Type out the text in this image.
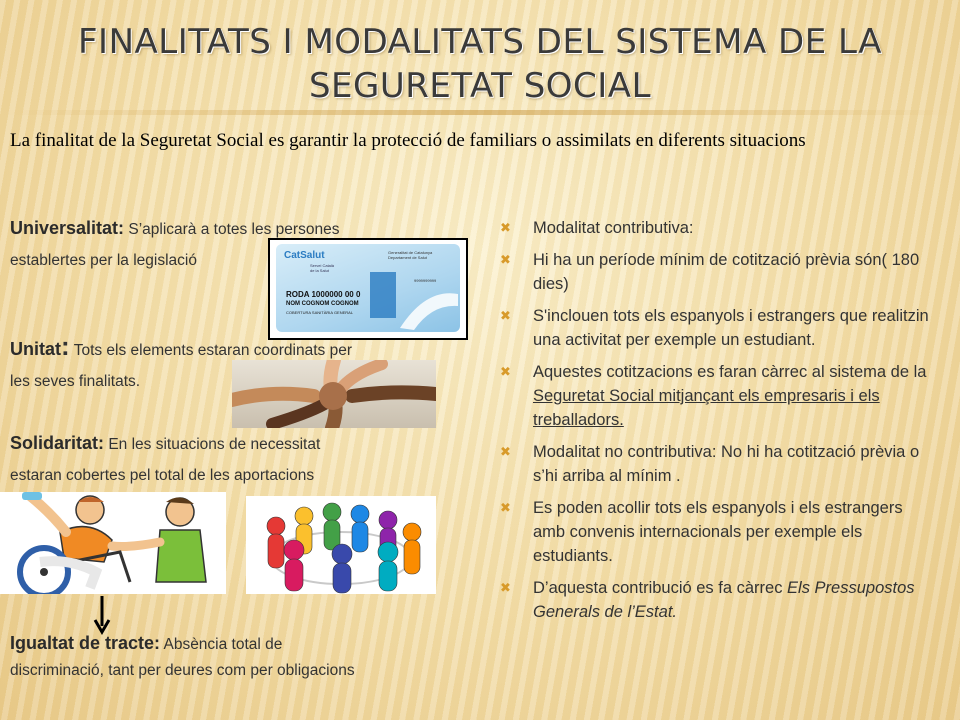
FINALITATS I MODALITATS DEL SISTEMA DE LA
SEGURETAT SOCIAL
La finalitat de la Seguretat Social es garantir la protecció de familiars o assimilats en diferents situacions
Universalitat: S’aplicarà a totes les persones
establertes per la legislació
Unitat: Tots els elements estaran coordinats per
les seves finalitats.
Solidaritat: En les situacions de necessitat
estaran cobertes pel total de les aportacions
Igualtat de tracte: Absència total de
discriminació, tant per deures com per obligacions
CatSalut
Servei Català
de la Salut
Generalitat de Catalunya
Departament de Salut
9999999999
RODA 1000000 00 0
NOM COGNOM COGNOM
COBERTURA SANITÀRIA GENERAL
✖ Modalitat contributiva:
✖ Hi ha un període mínim de cotització prèvia són( 180 dies)
✖ S'inclouen tots els espanyols i estrangers que realitzin una activitat per exemple un estudiant.
✖ Aquestes cotitzacions es faran càrrec al sistema de la Seguretat Social mitjançant els empresaris i els treballadors.
✖ Modalitat no contributiva: No hi ha cotització prèvia o s’hi arriba al mínim .
✖ Es poden acollir tots els espanyols i els estrangers amb convenis internacionals per exemple els estudiants.
✖ D’aquesta contribució es fa càrrec Els Pressupostos Generals de l’Estat.
